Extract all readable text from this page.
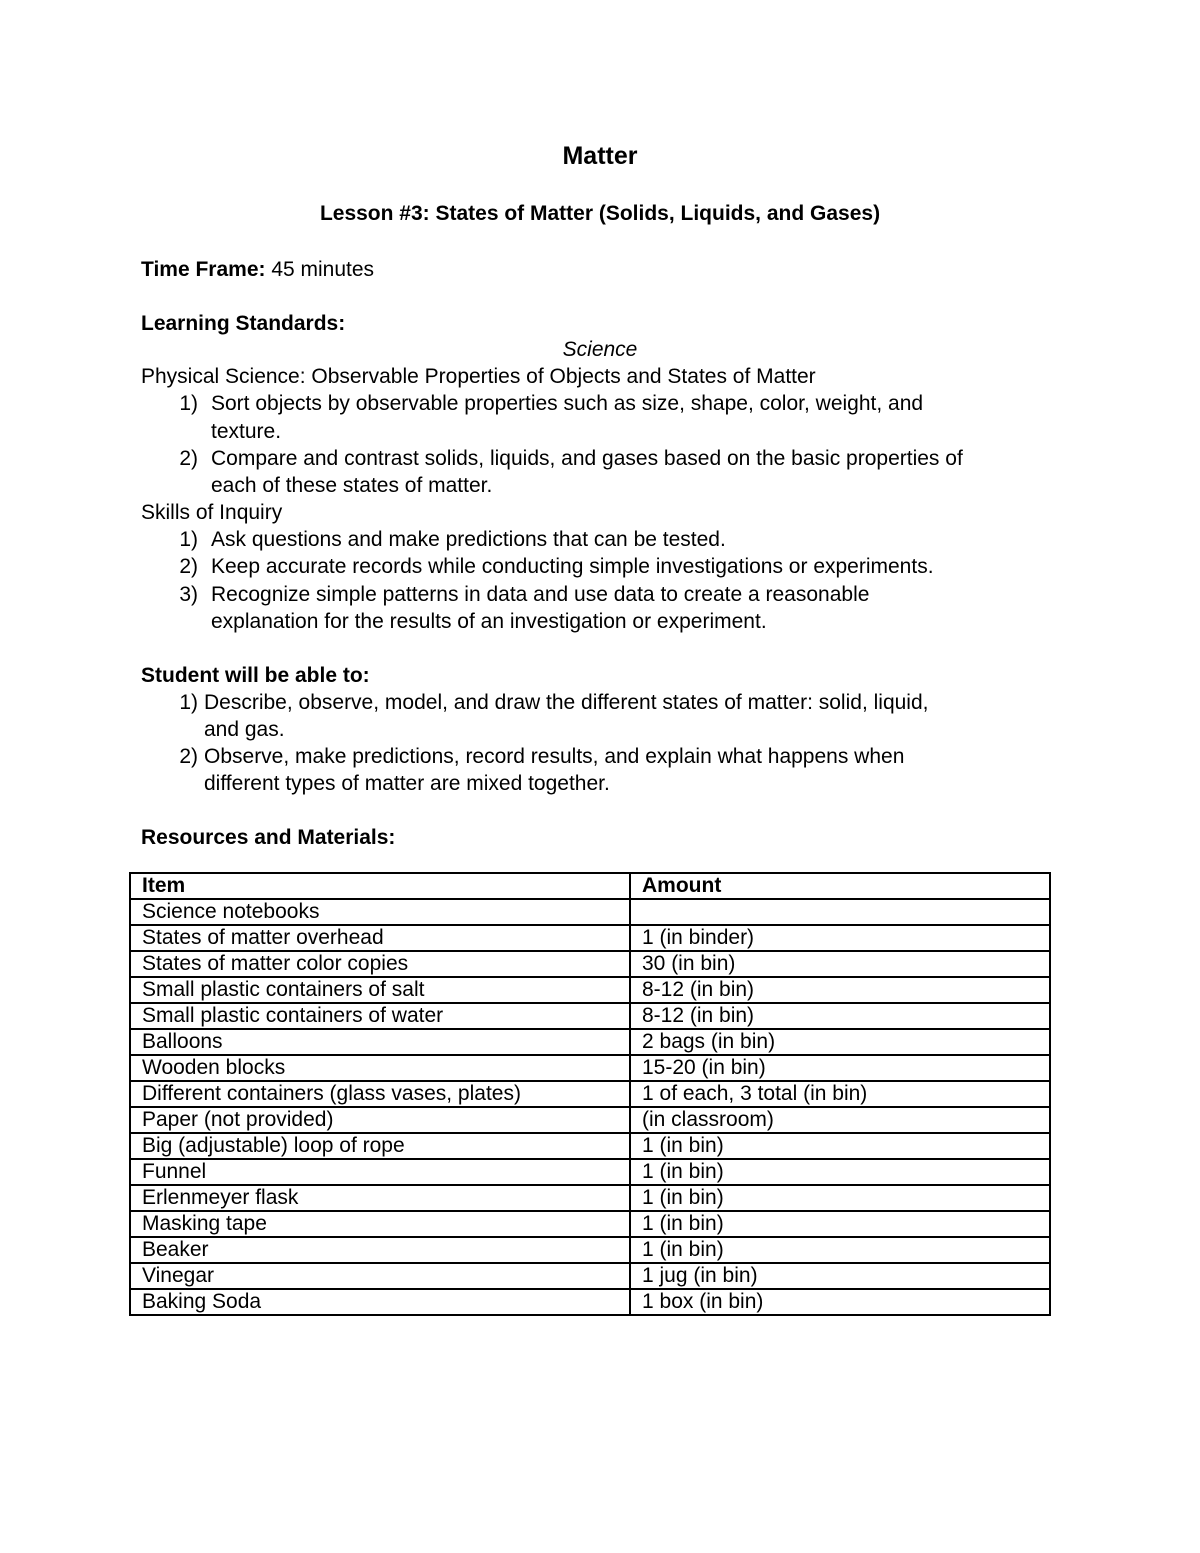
Matter
Lesson #3: States of Matter (Solids, Liquids, and Gases)
Time Frame: 45 minutes
Learning Standards:
Science
Physical Science: Observable Properties of Objects and States of Matter
1) Sort objects by observable properties such as size, shape, color, weight, and
texture.
2) Compare and contrast solids, liquids, and gases based on the basic properties of
each of these states of matter.
Skills of Inquiry
1) Ask questions and make predictions that can be tested.
2) Keep accurate records while conducting simple investigations or experiments.
3) Recognize simple patterns in data and use data to create a reasonable
explanation for the results of an investigation or experiment.
Student will be able to:
1) Describe, observe, model, and draw the different states of matter: solid, liquid,
and gas.
2) Observe, make predictions, record results, and explain what happens when
different types of matter are mixed together.
Resources and Materials:
Item	Amount
Science notebooks	
States of matter overhead	1 (in binder)
States of matter color copies	30 (in bin)
Small plastic containers of salt	8-12 (in bin)
Small plastic containers of water	8-12 (in bin)
Balloons	2 bags (in bin)
Wooden blocks	15-20 (in bin)
Different containers (glass vases, plates)	1 of each, 3 total (in bin)
Paper (not provided)	(in classroom)
Big (adjustable) loop of rope	1 (in bin)
Funnel	1 (in bin)
Erlenmeyer flask	1 (in bin)
Masking tape	1 (in bin)
Beaker	1 (in bin)
Vinegar	1 jug (in bin)
Baking Soda	1 box (in bin)
